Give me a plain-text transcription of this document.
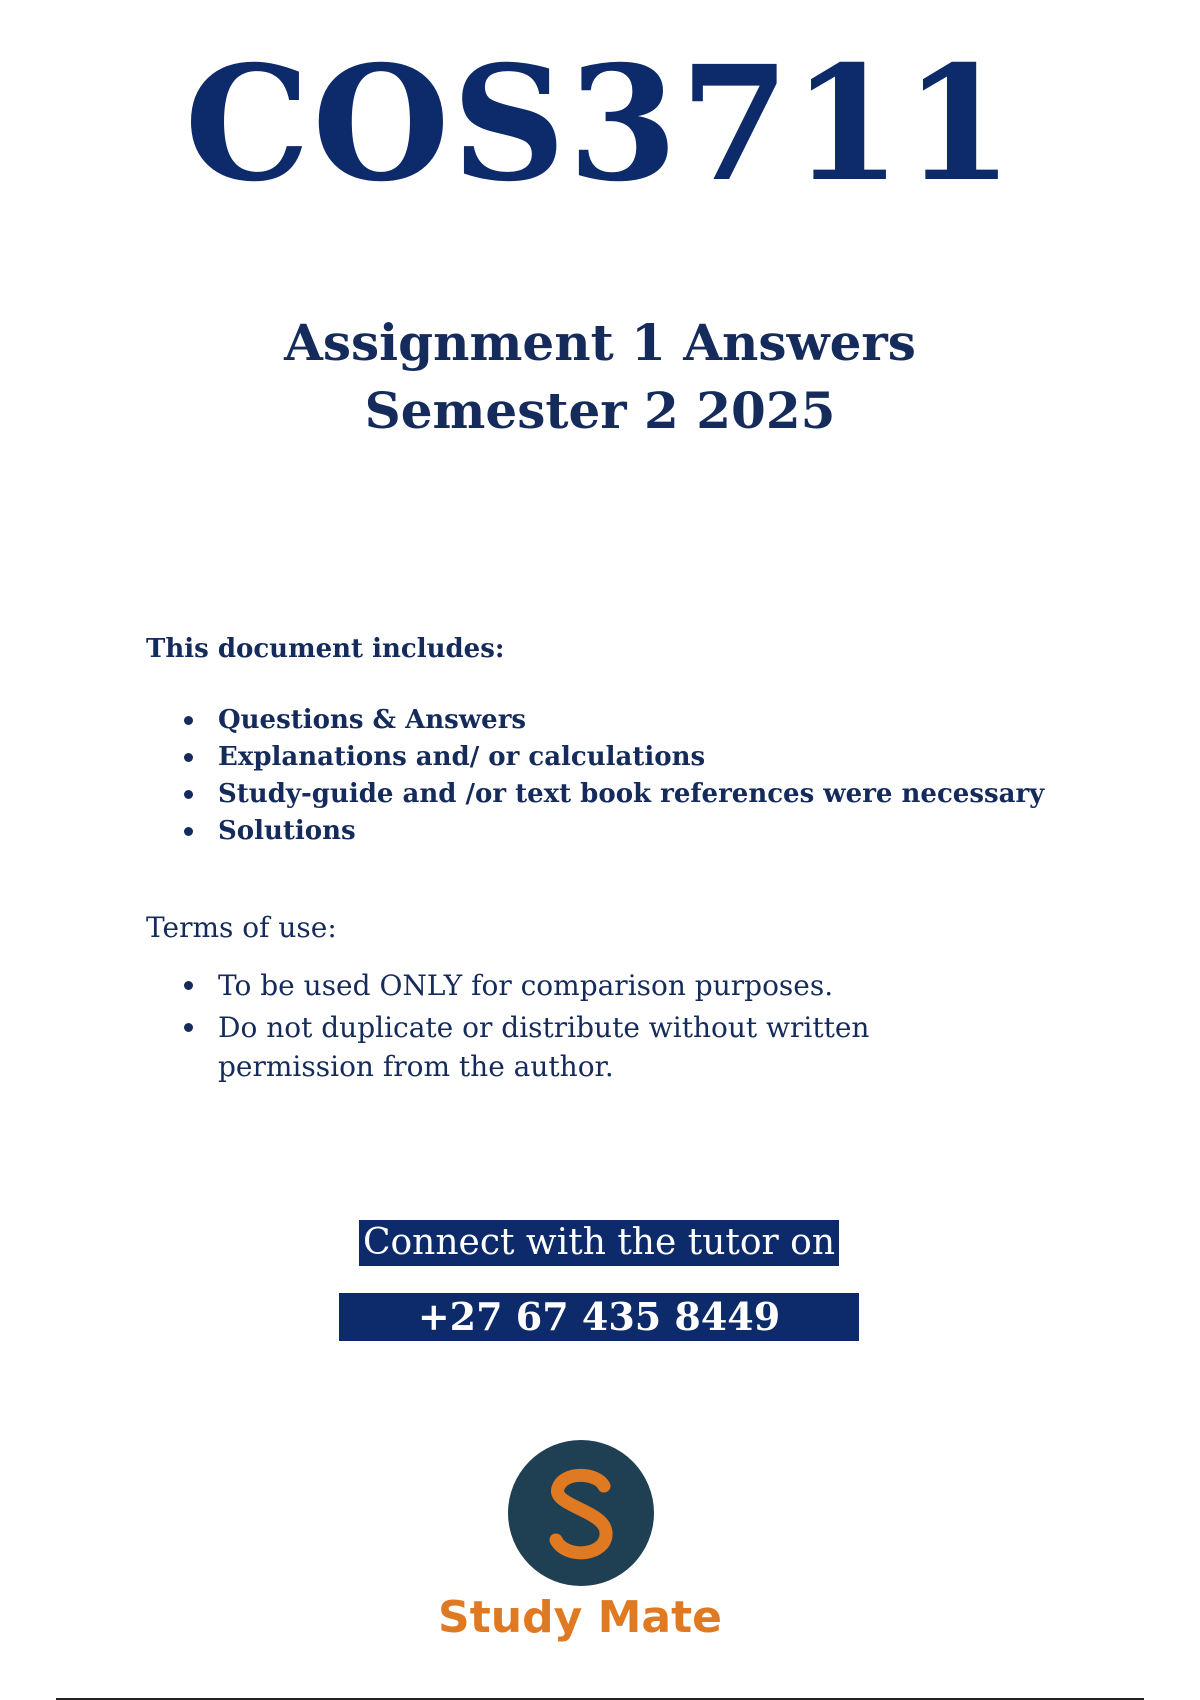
COS3711
Assignment 1 Answers
Semester 2 2025

This document includes:

Questions & Answers
Explanations and/ or calculations
Study-guide and /or text book references were necessary
Solutions

Terms of use:

To be used ONLY for comparison purposes.
Do not duplicate or distribute without written permission from the author.
Connect with the tutor on
+27 67 435 8449
Study Mate
